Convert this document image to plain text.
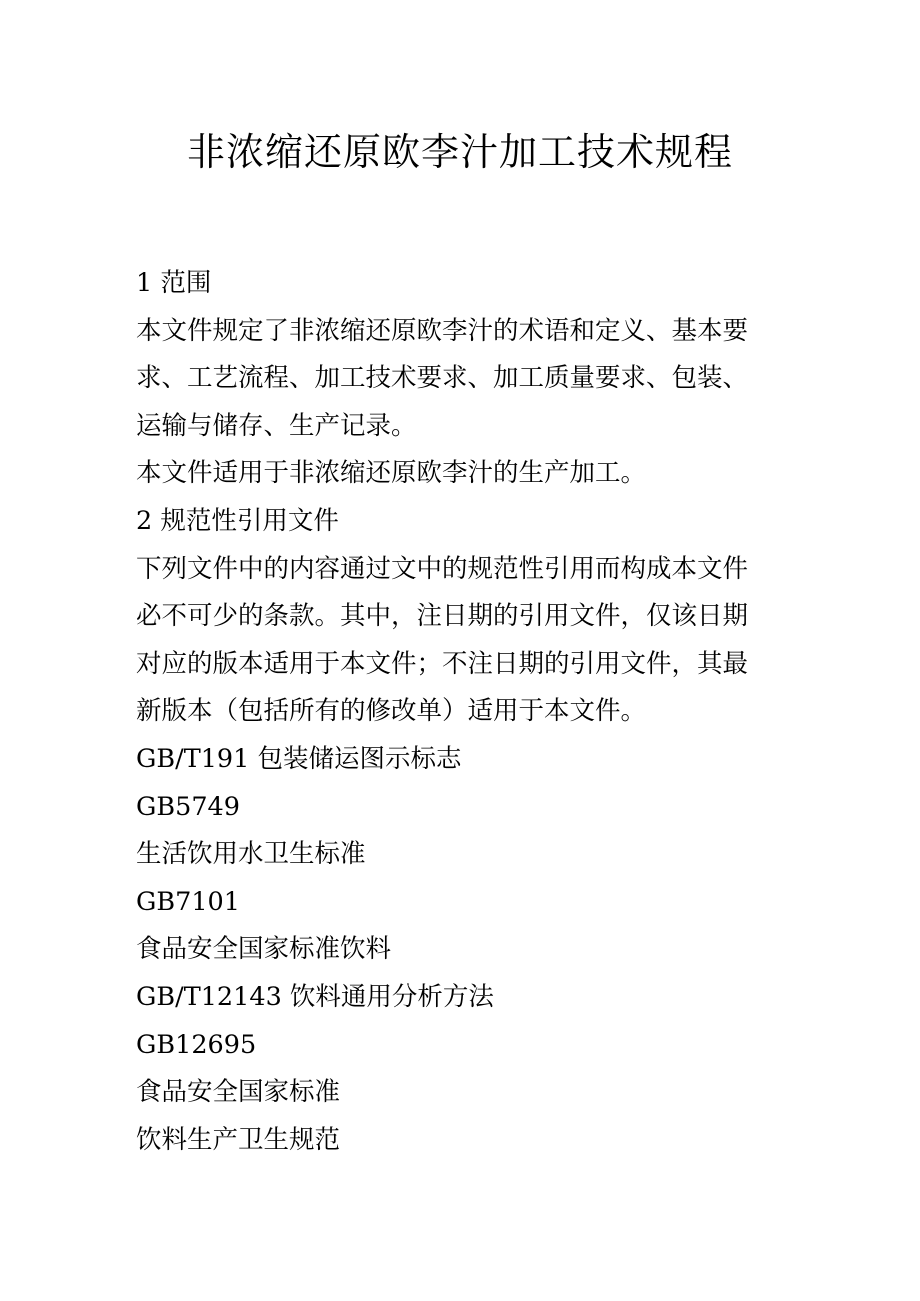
非浓缩还原欧李汁加工技术规程
1 范围

本文件规定了非浓缩还原欧李汁的术语和定义、基本要
求、工艺流程、加工技术要求、加工质量要求、包装、
运输与储存、生产记录。

本文件适用于非浓缩还原欧李汁的生产加工。
2 规范性引用文件

下列文件中的内容通过文中的规范性引用而构成本文件
必不可少的条款。其中，注日期的引用文件，仅该日期
对应的版本适用于本文件；不注日期的引用文件，其最
新版本（包括所有的修改单）适用于本文件。

GB/T191 包装储运图示标志
GB5749
生活饮用水卫生标准
GB7101
食品安全国家标准饮料
GB/T12143 饮料通用分析方法
GB12695
食品安全国家标准
饮料生产卫生规范
